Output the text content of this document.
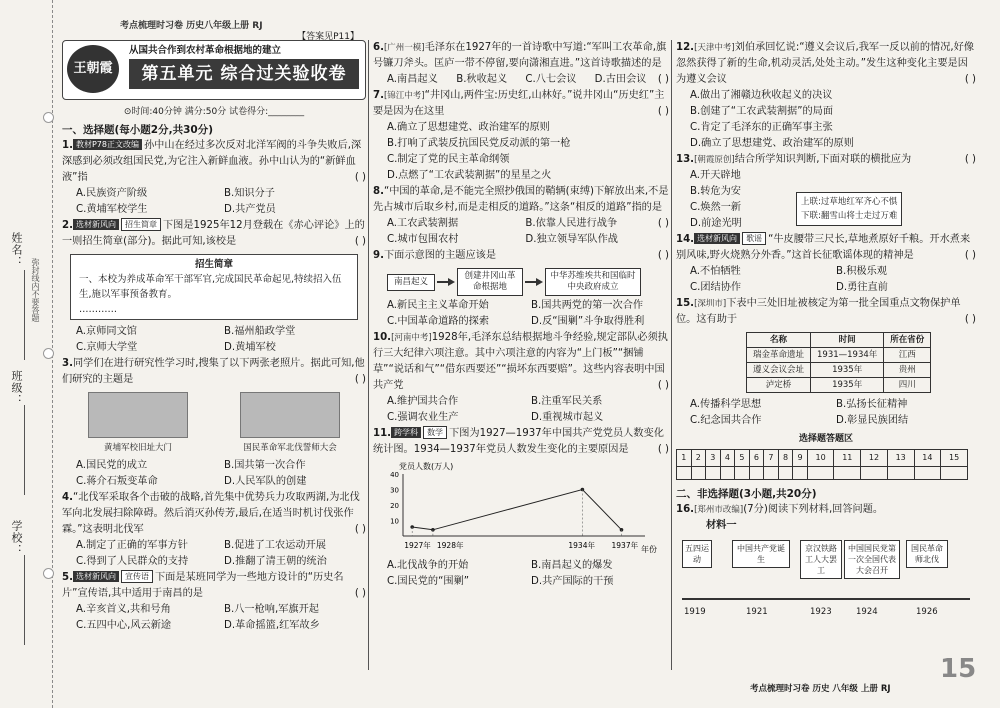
姓名：
弥封线内不要答题
班级：
学校：
考点梳理时习卷 历史八年级上册 RJ
【答案见P11】
王朝霞
从国共合作到农村革命根据地的建立
第五单元 综合过关验收卷
⊙时间:40分钟 满分:50分 试卷得分:________
一、选择题(每小题2分,共30分)

1. 教材P78正文改编 孙中山在经过多次反对北洋军阀的斗争失败后,深深感到必须改组国民党,为它注入新鲜血液。孙中山认为的“新鲜血液”指	( )

A.民族资产阶级	B.知识分子
C.黄埔军校学生	D.共产党员

2. 选材新风向 招生简章 下图是1925年12月登载在《赤心评论》上的一则招生简章(部分)。据此可知,该校是	( )

招生简章
一、本校为养成革命军干部军官,完成国民革命起见,特续招入伍生,施以军事预备教育。
…………
A.京师同文馆	B.福州船政学堂
C.京师大学堂	D.黄埔军校

3.同学们在进行研究性学习时,搜集了以下两张老照片。据此可知,他们研究的主题是	( )

黄埔军校旧址大门	国民革命军北伐誓师大会
A.国民党的成立	B.国共第一次合作
C.蒋介石叛变革命	D.人民军队的创建

4.“北伐军采取各个击破的战略,首先集中优势兵力攻取两湖,为北伐军向北发展扫除障碍。然后消灭孙传芳,最后,在适当时机讨伐张作霖。”这表明北伐军	( )

A.制定了正确的军事方针	B.促进了工农运动开展
C.得到了人民群众的支持	D.推翻了清王朝的统治

5. 选材新风向 宣传语 下面是某班同学为一些地方设计的“历史名片”宣传语,其中适用于南昌的是	( )

A.辛亥首义,共和号角	B.八一枪响,军旗开起
C.五四中心,风云新途	D.革命摇篮,红军故乡

6.[广州一模]毛泽东在1927年的一首诗歌中写道:“军叫工农革命,旗号镰刀斧头。匡庐一带不停留,要向潇湘直进。”这首诗歌描述的是
( )

A.南昌起义	B.秋收起义	C.八七会议	D.古田会议

7.[锦江中考]“井冈山,两件宝:历史红,山林好。”说井冈山“历史红”主要是因为在这里	( )

A.确立了思想建党、政治建军的原则
B.打响了武装反抗国民党反动派的第一枪
C.制定了党的民主革命纲领
D.点燃了“工农武装割据”的星星之火

8.“中国的革命,是不能完全照抄俄国的鞘辆(束缚)下解放出来,不是先占城市后取乡村,而是走相反的道路。”这条“相反的道路”指的是
( )

A.工农武装割据	B.依靠人民进行战争
C.城市包围农村	D.独立领导军队作战

9.下面示意图的主题应该是	( )

南昌起义
创建井冈山革命根据地
中华苏维埃共和国临时中央政府成立
A.新民主主义革命开始	B.国共两党的第一次合作
C.中国革命道路的探索	D.反“围剿”斗争取得胜利

10.[河南中考]1928年,毛泽东总结根据地斗争经验,规定部队必须执行三大纪律六项注意。其中六项注意的内容为“上门板”“捆铺草”“说话和气”“借东西要还”“损坏东西要赔”。这些内容表明中国共产党	( )

A.维护国共合作	B.注重军民关系
C.强调农业生产	D.重视城市起义

11. 跨学科 数学 下图为1927—1937年中国共产党党员人数变化统计图。1934—1937年党员人数发生变化的主要原因是	( )

党员人数(万人)
年份
10
20
30
40
1927年 1928年	1934年 1937年
A.北伐战争的开始	B.南昌起义的爆发
C.国民党的“围剿”	D.共产国际的干预

12.[天津中考]刘伯承回忆说:“遵义会议后,我军一反以前的情况,好像忽然获得了新的生命,机动灵活,处处主动。”发生这种变化主要是因为遵义会议	( )

A.做出了湘赣边秋收起义的决议
B.创建了“工农武装割据”的局面
C.肯定了毛泽东的正确军事主张
D.确立了思想建党、政治建军的原则

13.[朝霞原创]结合所学知识判断,下面对联的横批应为	( )

A.开天辟地
B.转危为安
C.焕然一新
D.前途光明
上联:过草地红军齐心不惧
下联:翻雪山将士走过万难

14. 选材新风向 歌谣 “牛皮腰带三尺长,草地煮原好千粮。开水煮来别风味,野火烧熟分外香。”这首长征歌谣体现的精神是	( )

A.不怕牺牲	B.积极乐观
C.团结协作	D.勇往直前

15.[深圳市]下表中三处旧址被核定为第一批全国重点文物保护单位。这有助于	( )

名称	时间	所在省份
瑞金革命遗址	1931—1934年	江西
遵义会议会址	1935年	贵州
泸定桥	1935年	四川
A.传播科学思想	B.弘扬长征精神
C.纪念国共合作	D.彰显民族团结
选择题答题区
1	2	3	4	5	6	7	8	9	10	11	12	13	14	15

二、非选择题(3小题,共20分)

16.[郑州市改编](7分)阅读下列材料,回答问题。

材料一
五四运动
中国共产党诞生
京汉铁路工人大罢工
中国国民党第一次全国代表大会召开
国民革命师北伐
1919	1921	1923	1924	1926
考点梳理时习卷 历史 八年级 上册 RJ
15
